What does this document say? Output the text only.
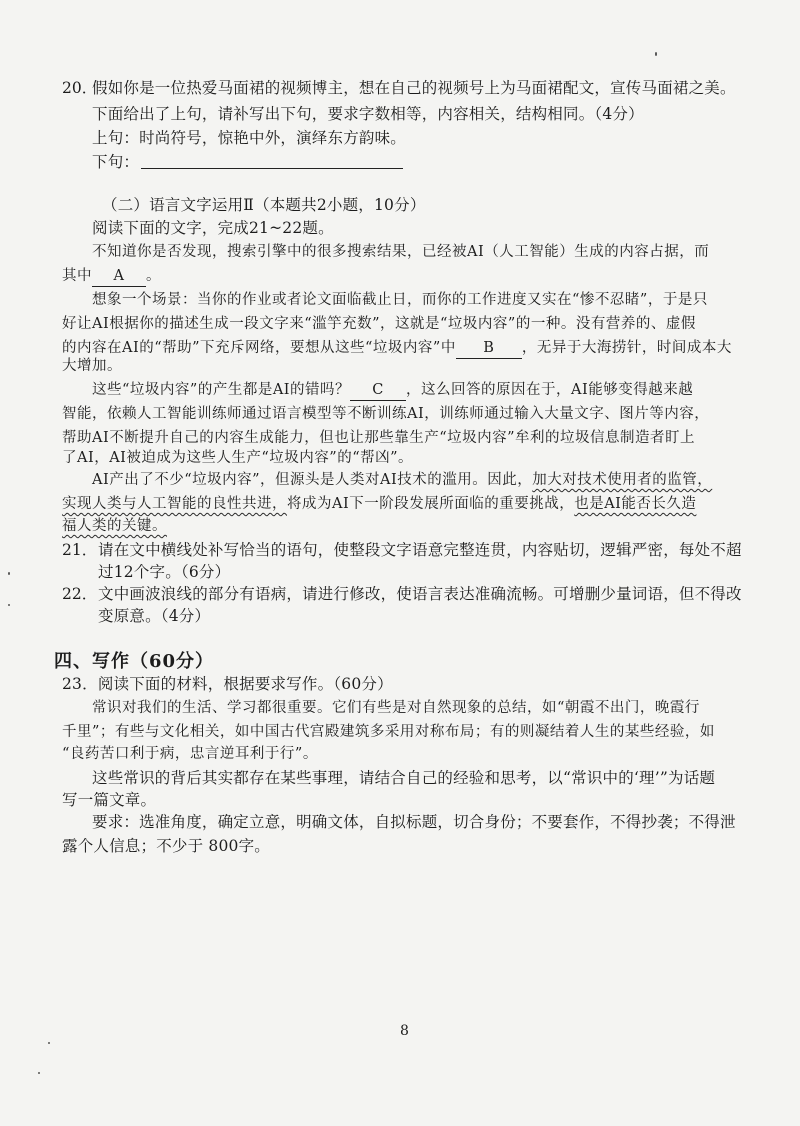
20．
假如你是一位热爱马面裙的视频博主，想在自己的视频号上为马面裙配文，宣传马面裙之美。
下面给出了上句，请补写出下句，要求字数相等，内容相关，结构相同。（4分）
上句：时尚符号，惊艳中外，演绎东方韵味。
下句：
（二）语言文字运用Ⅱ（本题共2小题，10分）
阅读下面的文字，完成21~22题。
不知道你是否发现，搜索引擎中的很多搜索结果，已经被AI（人工智能）生成的内容占据，而
其中 A 。
想象一个场景：当你的作业或者论文面临截止日，而你的工作进度又实在“惨不忍睹”，于是只
好让AI根据你的描述生成一段文字来“滥竽充数”，这就是“垃圾内容”的一种。没有营养的、虚假
的内容在AI的“帮助”下充斥网络，要想从这些“垃圾内容”中 B ，无异于大海捞针，时间成本大
大增加。
这些“垃圾内容”的产生都是AI的错吗？ C ，这么回答的原因在于，AI能够变得越来越
智能，依赖人工智能训练师通过语言模型等不断训练AI，训练师通过输入大量文字、图片等内容，
帮助AI不断提升自己的内容生成能力，但也让那些靠生产“垃圾内容”牟利的垃圾信息制造者盯上
了AI，AI被迫成为这些人生产“垃圾内容”的“帮凶”。
AI产出了不少“垃圾内容”，但源头是人类对AI技术的滥用。因此，加大对技术使用者的监管，
实现人类与人工智能的良性共进，将成为AI下一阶段发展所面临的重要挑战，也是AI能否长久造
福人类的关键。
21． 请在文中横线处补写恰当的语句，使整段文字语意完整连贯，内容贴切，逻辑严密，每处不超
过12个字。（6分）
22． 文中画波浪线的部分有语病，请进行修改，使语言表达准确流畅。可增删少量词语，但不得改
变原意。（4分）
四、写作（60分）
23．阅读下面的材料，根据要求写作。（60分）
常识对我们的生活、学习都很重要。它们有些是对自然现象的总结，如“朝霞不出门，晚霞行
千里”；有些与文化相关，如中国古代宫殿建筑多采用对称布局；有的则凝结着人生的某些经验，如
“良药苦口利于病，忠言逆耳利于行”。
这些常识的背后其实都存在某些事理，请结合自己的经验和思考，以“常识中的‘理’”为话题
写一篇文章。
要求：选准角度，确定立意，明确文体，自拟标题，切合身份；不要套作，不得抄袭；不得泄
露个人信息；不少于 800字。
8
